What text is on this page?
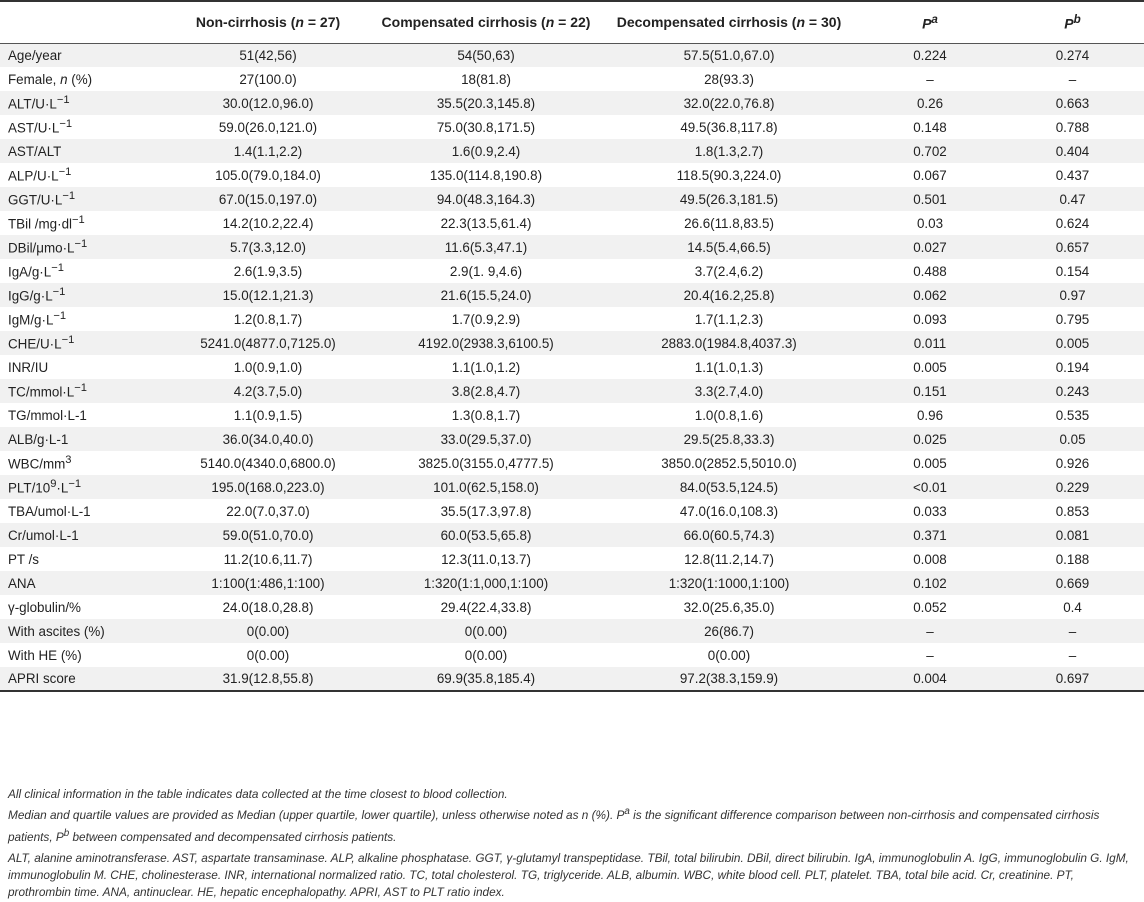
	Non-cirrhosis (n = 27)	Compensated cirrhosis (n = 22)	Decompensated cirrhosis (n = 30)	$P^a$	$P^b$
Age/year	51(42,56)	54(50,63)	57.5(51.0,67.0)	0.224	0.274
Female, n (%)	27(100.0)	18(81.8)	28(93.3)	–	–
ALT/$U\cdot L^{-1}$	30.0(12.0,96.0)	35.5(20.3,145.8)	32.0(22.0,76.8)	0.26	0.663
AST/$U\cdot L^{-1}$	59.0(26.0,121.0)	75.0(30.8,171.5)	49.5(36.8,117.8)	0.148	0.788
AST/ALT	1.4(1.1,2.2)	1.6(0.9,2.4)	1.8(1.3,2.7)	0.702	0.404
ALP/$U\cdot L^{-1}$	105.0(79.0,184.0)	135.0(114.8,190.8)	118.5(90.3,224.0)	0.067	0.437
GGT/$U\cdot L^{-1}$	67.0(15.0,197.0)	94.0(48.3,164.3)	49.5(26.3,181.5)	0.501	0.47
TBil $/mg\cdot dl^{-1}$	14.2(10.2,22.4)	22.3(13.5,61.4)	26.6(11.8,83.5)	0.03	0.624
DBil/$\mu mo\cdot L^{-1}$	5.7(3.3,12.0)	11.6(5.3,47.1)	14.5(5.4,66.5)	0.027	0.657
IgA/$g\cdot L^{-1}$	2.6(1.9,3.5)	2.9(1. 9,4.6)	3.7(2.4,6.2)	0.488	0.154
IgG/$g\cdot L^{-1}$	15.0(12.1,21.3)	21.6(15.5,24.0)	20.4(16.2,25.8)	0.062	0.97
IgM/$g\cdot L^{-1}$	1.2(0.8,1.7)	1.7(0.9,2.9)	1.7(1.1,2.3)	0.093	0.795
CHE/$U\cdot L^{-1}$	5241.0(4877.0,7125.0)	4192.0(2938.3,6100.5)	2883.0(1984.8,4037.3)	0.011	0.005
INR/IU	1.0(0.9,1.0)	1.1(1.0,1.2)	1.1(1.0,1.3)	0.005	0.194
$TC/mmol\cdot L^{-1}$	4.2(3.7,5.0)	3.8(2.8,4.7)	3.3(2.7,4.0)	0.151	0.243
TG/mmol·L-1	1.1(0.9,1.5)	1.3(0.8,1.7)	1.0(0.8,1.6)	0.96	0.535
ALB/g·L-1	36.0(34.0,40.0)	33.0(29.5,37.0)	29.5(25.8,33.3)	0.025	0.05
WBC/$mm^3$	5140.0(4340.0,6800.0)	3825.0(3155.0,4777.5)	3850.0(2852.5,5010.0)	0.005	0.926
PLT/$10^9\cdot L^{-1}$	195.0(168.0,223.0)	101.0(62.5,158.0)	84.0(53.5,124.5)	<0.01	0.229
TBA/umol·L-1	22.0(7.0,37.0)	35.5(17.3,97.8)	47.0(16.0,108.3)	0.033	0.853
Cr/umol·L-1	59.0(51.0,70.0)	60.0(53.5,65.8)	66.0(60.5,74.3)	0.371	0.081
PT /s	11.2(10.6,11.7)	12.3(11.0,13.7)	12.8(11.2,14.7)	0.008	0.188
ANA	1:100(1:486,1:100)	1:320(1:1,000,1:100)	1:320(1:1000,1:100)	0.102	0.669
γ-globulin/%	24.0(18.0,28.8)	29.4(22.4,33.8)	32.0(25.6,35.0)	0.052	0.4
With ascites (%)	0(0.00)	0(0.00)	26(86.7)	–	–
With HE (%)	0(0.00)	0(0.00)	0(0.00)	–	–
APRI score	31.9(12.8,55.8)	69.9(35.8,185.4)	97.2(38.3,159.9)	0.004	0.697

All clinical information in the table indicates data collected at the time closest to blood collection.

Median and quartile values are provided as Median (upper quartile, lower quartile), unless otherwise noted as n (%). $P^a$ is the significant difference comparison between non-cirrhosis and compensated cirrhosis patients, $P^b$ between compensated and decompensated cirrhosis patients.

ALT, alanine aminotransferase. AST, aspartate transaminase. ALP, alkaline phosphatase. GGT, γ-glutamyl transpeptidase. TBil, total bilirubin. DBil, direct bilirubin. IgA, immunoglobulin A. IgG, immunoglobulin G. IgM, immunoglobulin M. CHE, cholinesterase. INR, international normalized ratio. TC, total cholesterol. TG, triglyceride. ALB, albumin. WBC, white blood cell. PLT, platelet. TBA, total bile acid. Cr, creatinine. PT, prothrombin time. ANA, antinuclear. HE, hepatic encephalopathy. APRI, AST to PLT ratio index.
